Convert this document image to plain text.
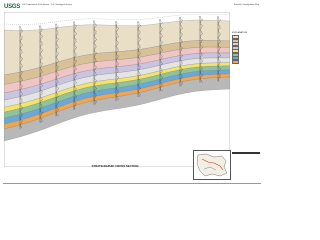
USGS U.S. Department of the Interior · U.S. Geological Survey	Scientific Investigations Map
EXPLANATION

STRATIGRAPHIC CROSS SECTION
